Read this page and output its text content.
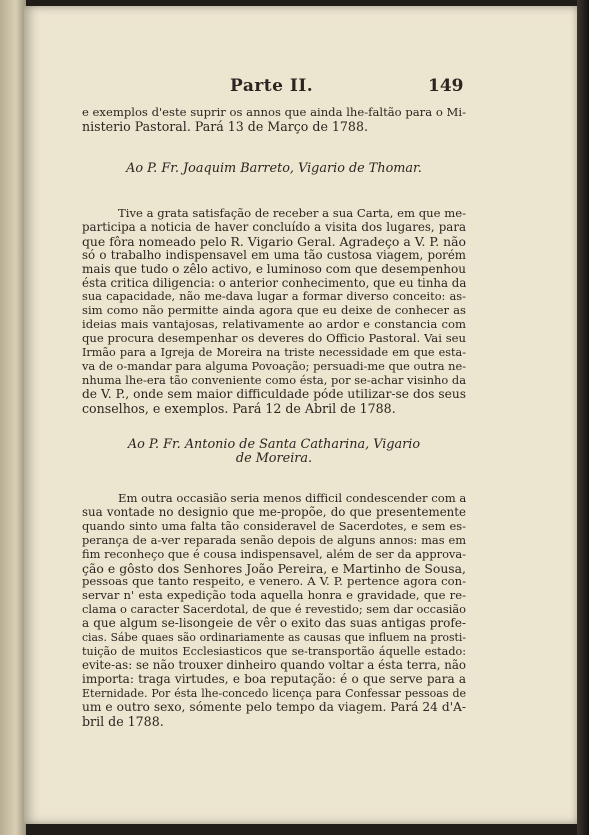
Parte II.	149
e exemplos d'este suprir os annos que ainda lhe-faltão para o Mi-
nisterio Pastoral. Pará 13 de Março de 1788.
Ao P. Fr. Joaquim Barreto, Vigario de Thomar.
Tive a grata satisfação de receber a sua Carta, em que me-
participa a noticia de haver concluído a visita dos lugares, para
que fôra nomeado pelo R. Vigario Geral. Agradeço a V. P. não
só o trabalho indispensavel em uma tão custosa viagem, porém
mais que tudo o zêlo activo, e luminoso com que desempenhou
ésta critica diligencia: o anterior conhecimento, que eu tinha da
sua capacidade, não me-dava lugar a formar diverso conceito: as-
sim como não permitte ainda agora que eu deixe de conhecer as
ideias mais vantajosas, relativamente ao ardor e constancia com
que procura desempenhar os deveres do Officio Pastoral. Vai seu
Irmão para a Igreja de Moreira na triste necessidade em que esta-
va de o-mandar para alguma Povoação; persuadi-me que outra ne-
nhuma lhe-era tão conveniente como ésta, por se-achar visinho da
de V. P., onde sem maior difficuldade póde utilizar-se dos seus
conselhos, e exemplos. Pará 12 de Abril de 1788.
Ao P. Fr. Antonio de Santa Catharina, Vigario
de Moreira.
Em outra occasião seria menos difficil condescender com a
sua vontade no designio que me-propõe, do que presentemente
quando sinto uma falta tão consideravel de Sacerdotes, e sem es-
perança de a-ver reparada senão depois de alguns annos: mas em
fim reconheço que é cousa indispensavel, além de ser da approva-
ção e gôsto dos Senhores João Pereira, e Martinho de Sousa,
pessoas que tanto respeito, e venero. A V. P. pertence agora con-
servar n' esta expedição toda aquella honra e gravidade, que re-
clama o caracter Sacerdotal, de que é revestido; sem dar occasião
a que algum se-lisongeie de vêr o exito das suas antigas profe-
cias. Sábe quaes são ordinariamente as causas que influem na prosti-
tuição de muitos Ecclesiasticos que se-transportão áquelle estado:
evite-as: se não trouxer dinheiro quando voltar a ésta terra, não
importa: traga virtudes, e boa reputação: é o que serve para a
Eternidade. Por ésta lhe-concedo licença para Confessar pessoas de
um e outro sexo, sómente pelo tempo da viagem. Pará 24 d'A-
bril de 1788.
